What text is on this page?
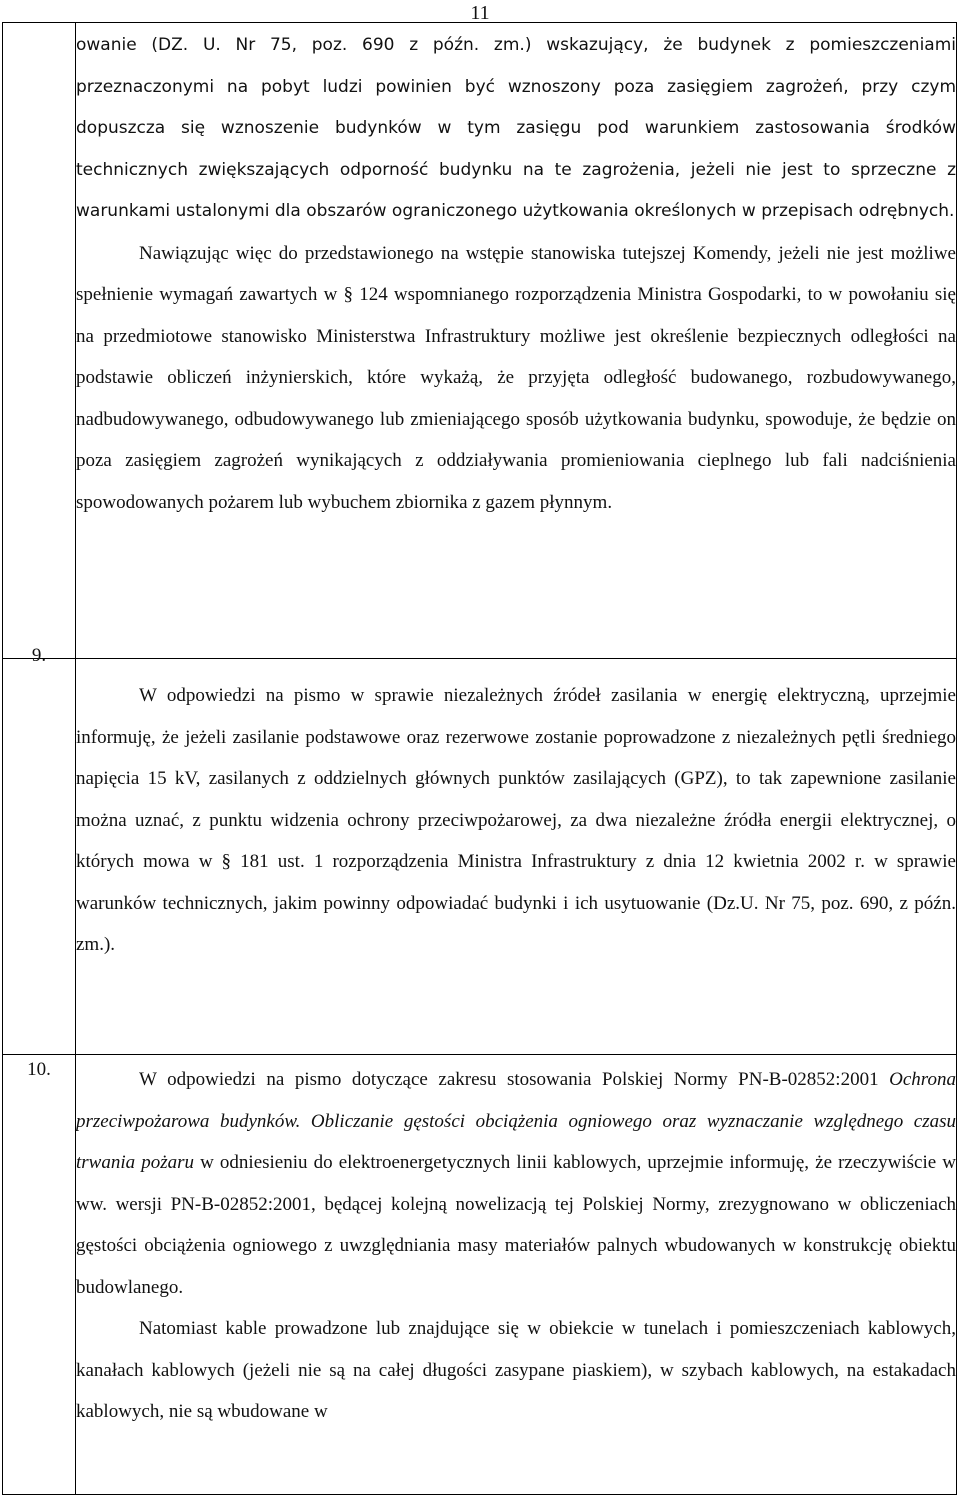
11

	owanie (DZ. U. Nr 75, poz. 690 z późn. zm.) wskazujący, że budynek z pomieszczeniami przeznaczonymi na pobyt ludzi powinien być wznoszony poza zasięgiem zagrożeń, przy czym dopuszcza się wznoszenie budynków w tym zasięgu pod warunkiem zastosowania środków technicznych zwiększających odporność budynku na te zagrożenia, jeżeli nie jest to sprzeczne z warunkami ustalonymi dla obszarów ograniczonego użytkowania określonych w przepisach odrębnych.

Nawiązując więc do przedstawionego na wstępie stanowiska tutejszej Komendy, jeżeli nie jest możliwe spełnienie wymagań zawartych w § 124 wspomnianego rozporządzenia Ministra Gospodarki, to w powołaniu się na przedmiotowe stanowisko Ministerstwa Infrastruktury możliwe jest określenie bezpiecznych odległości na podstawie obliczeń inżynierskich, które wykażą, że przyjęta odległość budowanego, rozbudowywanego, nadbudowywanego, odbudowywanego lub zmieniającego sposób użytkowania budynku, spowoduje, że będzie on poza zasięgiem zagrożeń wynikających z oddziaływania promieniowania cieplnego lub fali nadciśnienia spowodowanych pożarem lub wybuchem zbiornika z gazem płynnym.

9.	W odpowiedzi na pismo w sprawie niezależnych źródeł zasilania w energię elektryczną, uprzejmie informuję, że jeżeli zasilanie podstawowe oraz rezerwowe zostanie poprowadzone z niezależnych pętli średniego napięcia 15 kV, zasilanych z oddzielnych głównych punktów zasilających (GPZ), to tak zapewnione zasilanie można uznać, z punktu widzenia ochrony przeciwpożarowej, za dwa niezależne źródła energii elektrycznej, o których mowa w § 181 ust. 1 rozporządzenia Ministra Infrastruktury z dnia 12 kwietnia 2002 r. w sprawie warunków technicznych, jakim powinny odpowiadać budynki i ich usytuowanie (Dz.U. Nr 75, poz. 690, z późn. zm.).

10.	W odpowiedzi na pismo dotyczące zakresu stosowania Polskiej Normy PN-B-02852:2001 Ochrona przeciwpożarowa budynków. Obliczanie gęstości obciążenia ogniowego oraz wyznaczanie względnego czasu trwania pożaru w odniesieniu do elektroenergetycznych linii kablowych, uprzejmie informuję, że rzeczywiście w ww. wersji PN-B-02852:2001, będącej kolejną nowelizacją tej Polskiej Normy, zrezygnowano w obliczeniach gęstości obciążenia ogniowego z uwzględniania masy materiałów palnych wbudowanych w konstrukcję obiektu budowlanego.

Natomiast kable prowadzone lub znajdujące się w obiekcie w tunelach i pomieszczeniach kablowych, kanałach kablowych (jeżeli nie są na całej długości zasypane piaskiem), w szybach kablowych, na estakadach kablowych, nie są wbudowane w
